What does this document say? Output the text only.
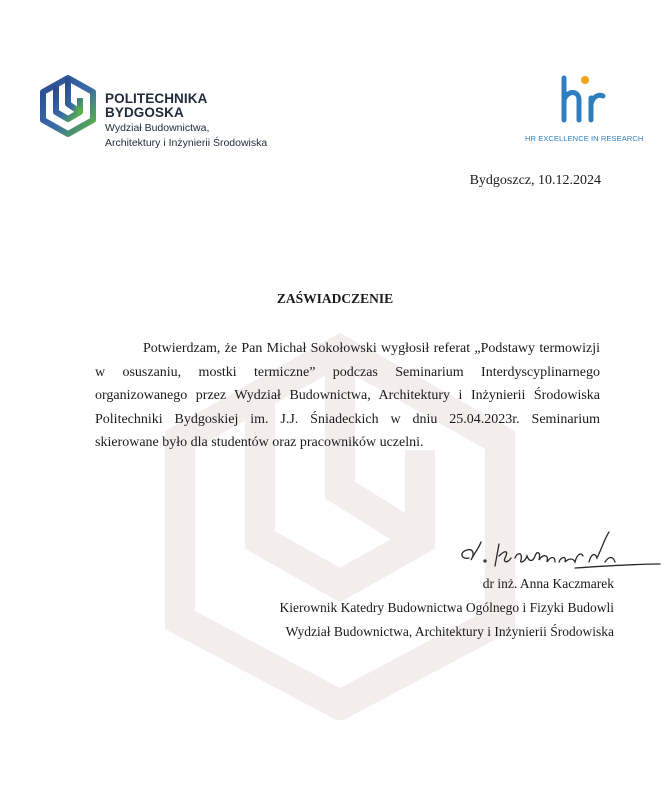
POLITECHNIKA
BYDGOSKA
Wydział Budownictwa,
Architektury i Inżynierii Środowiska	HR EXCELLENCE IN RESEARCH
Bydgoszcz, 10.12.2024
ZAŚWIADCZENIE

Potwierdzam, że Pan Michał Sokołowski wygłosił referat „Podstawy termowizji w osuszaniu, mostki termiczne” podczas Seminarium Interdyscyplinarnego organizowanego przez Wydział Budownictwa, Architektury i Inżynierii Środowiska Politechniki Bydgoskiej im. J.J. Śniadeckich w dniu 25.04.2023r. Seminarium skierowane było dla studentów oraz pracowników uczelni.

dr inż. Anna Kaczmarek
Kierownik Katedry Budownictwa Ogólnego i Fizyki Budowli
Wydział Budownictwa, Architektury i Inżynierii Środowiska
